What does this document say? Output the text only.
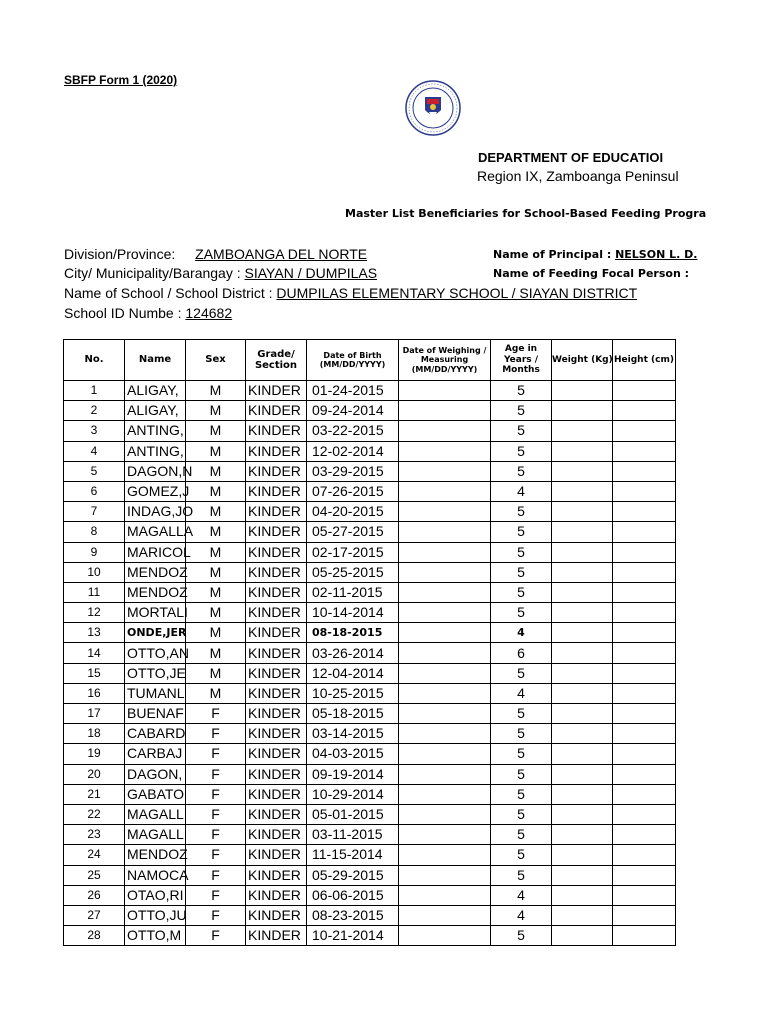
SBFP Form 1 (2020)
DEPARTMENT OF EDUCATIOI
Region IX, Zamboanga Peninsul
Master List Beneficiaries for School-Based Feeding Progra
Division/Province: ZAMBOANGA DEL NORTE
City/ Municipality/Barangay : SIAYAN / DUMPILAS
Name of School / School District : DUMPILAS ELEMENTARY SCHOOL / SIAYAN DISTRICT
School ID Numbe : 124682
Name of Principal : NELSON L. D.
Name of Feeding Focal Person :
No.	Name	Sex	Grade/ Section	Date of Birth (MM/DD/YYYY)	Date of Weighing / Measuring (MM/DD/YYYY)	Age in Years / Months	Weight (Kg)	Height (cm)
1	ALIGAY,	M	KINDER	01-24-2015		5		
2	ALIGAY,	M	KINDER	09-24-2014		5		
3	ANTING,	M	KINDER	03-22-2015		5		
4	ANTING,	M	KINDER	12-02-2014		5		
5	DAGON,N	M	KINDER	03-29-2015		5		
6	GOMEZ,J	M	KINDER	07-26-2015		4		
7	INDAG,JO	M	KINDER	04-20-2015		5		
8	MAGALLA	M	KINDER	05-27-2015		5		
9	MARICOL	M	KINDER	02-17-2015		5		
10	MENDOZ	M	KINDER	05-25-2015		5		
11	MENDOZ	M	KINDER	02-11-2015		5		
12	MORTALI	M	KINDER	10-14-2014		5		
13	ONDE,JER	M	KINDER	08-18-2015		4		
14	OTTO,AN	M	KINDER	03-26-2014		6		
15	OTTO,JE	M	KINDER	12-04-2014		5		
16	TUMANL	M	KINDER	10-25-2015		4		
17	BUENAF	F	KINDER	05-18-2015		5		
18	CABARD	F	KINDER	03-14-2015		5		
19	CARBAJ	F	KINDER	04-03-2015		5		
20	DAGON,	F	KINDER	09-19-2014		5		
21	GABATO	F	KINDER	10-29-2014		5		
22	MAGALL	F	KINDER	05-01-2015		5		
23	MAGALL	F	KINDER	03-11-2015		5		
24	MENDOZ	F	KINDER	11-15-2014		5		
25	NAMOCA	F	KINDER	05-29-2015		5		
26	OTAO,RI	F	KINDER	06-06-2015		4		
27	OTTO,JU	F	KINDER	08-23-2015		4		
28	OTTO,M	F	KINDER	10-21-2014		5		
